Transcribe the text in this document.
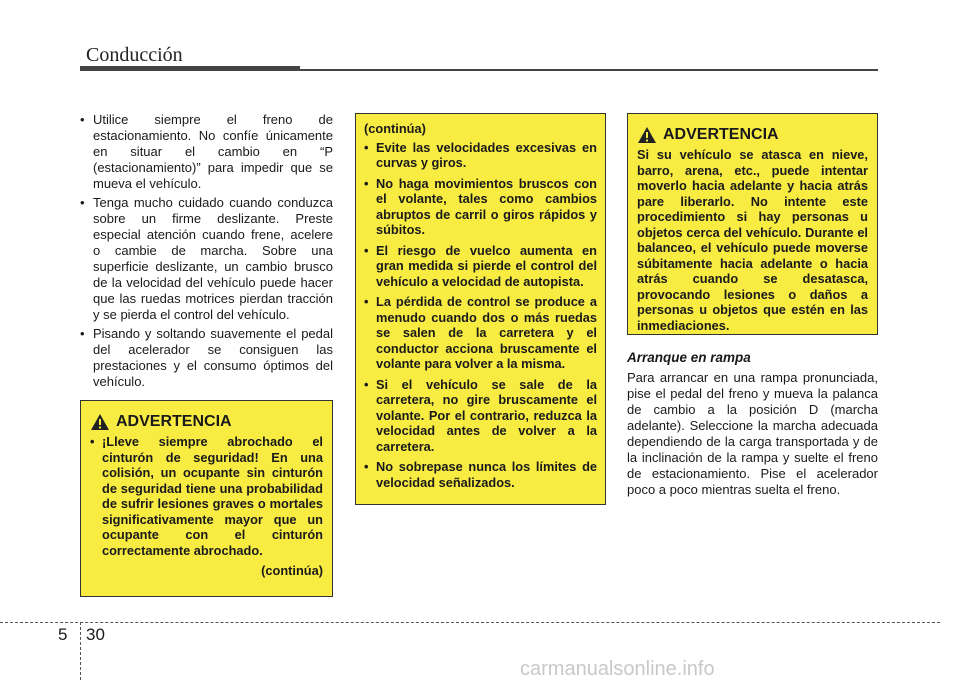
Conducción
• Utilice siempre el freno de estacionamiento. No confíe únicamente en situar el cambio en “P (estacionamiento)” para impedir que se mueva el vehículo.
• Tenga mucho cuidado cuando conduzca sobre un firme deslizante. Preste especial atención cuando frene, acelere o cambie de marcha. Sobre una superficie deslizante, un cambio brusco de la velocidad del vehículo puede hacer que las ruedas motrices pierdan tracción y se pierda el control del vehículo.
• Pisando y soltando suavemente el pedal del acelerador se consiguen las prestaciones y el consumo óptimos del vehículo.
ADVERTENCIA
• ¡Lleve siempre abrochado el cinturón de seguridad! En una colisión, un ocupante sin cinturón de seguridad tiene una probabilidad de sufrir lesiones graves o mortales significativamente mayor que un ocupante con el cinturón correctamente abrochado.
(continúa)
(continúa)
• Evite las velocidades excesivas en curvas y giros.
• No haga movimientos bruscos con el volante, tales como cambios abruptos de carril o giros rápidos y súbitos.
• El riesgo de vuelco aumenta en gran medida si pierde el control del vehículo a velocidad de autopista.
• La pérdida de control se produce a menudo cuando dos o más ruedas se salen de la carretera y el conductor acciona bruscamente el volante para volver a la misma.
• Si el vehículo se sale de la carretera, no gire bruscamente el volante. Por el contrario, reduzca la velocidad antes de volver a la carretera.
• No sobrepase nunca los límites de velocidad señalizados.
ADVERTENCIA

Si su vehículo se atasca en nieve, barro, arena, etc., puede intentar moverlo hacia adelante y hacia atrás pare liberarlo. No intente este procedimiento si hay personas u objetos cerca del vehículo. Durante el balanceo, el vehículo puede moverse súbitamente hacia adelante o hacia atrás cuando se desatasca, provocando lesiones o daños a personas u objetos que estén en las inmediaciones.

Arranque en rampa

Para arrancar en una rampa pronunciada, pise el pedal del freno y mueva la palanca de cambio a la posición D (marcha adelante). Seleccione la marcha adecuada dependiendo de la carga transportada y de la inclinación de la rampa y suelte el freno de estacionamiento. Pise el acelerador poco a poco mientras suelta el freno.

5 30
carmanualsonline.info
